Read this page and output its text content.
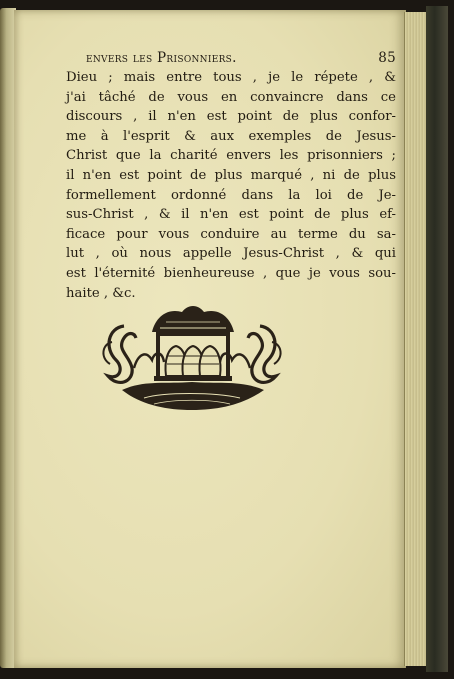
envers les Prisonniers.	85
Dieu ; mais entre tous , je le répete , &
j'ai tâché de vous en convaincre dans ce
discours , il n'en est point de plus confor-
me à l'esprit & aux exemples de Jesus-
Christ que la charité envers les prisonniers ;
il n'en est point de plus marqué , ni de plus
formellement ordonné dans la loi de Je-
sus-Christ , & il n'en est point de plus ef-
ficace pour vous conduire au terme du sa-
lut , où nous appelle Jesus-Christ , & qui
est l'éternité bienheureuse , que je vous sou-
haite , &c.
